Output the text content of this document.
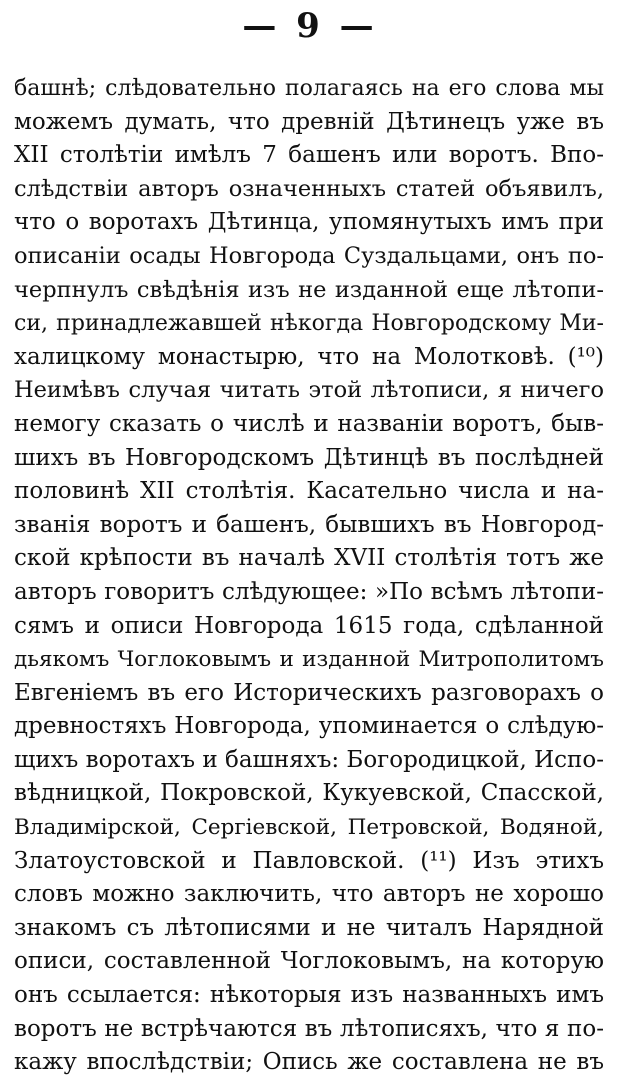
— 9 —
башнѣ; слѣдовательно полагаясь на его слова мы
можемъ думать, что древній Дѣтинецъ уже въ
XII столѣтіи имѣлъ 7 башенъ или воротъ. Впо-
слѣдствіи авторъ означенныхъ статей объявилъ,
что о воротахъ Дѣтинца, упомянутыхъ имъ при
описаніи осады Новгорода Суздальцами, онъ по-
черпнулъ свѣдѣнія изъ не изданной еще лѣтопи-
си, принадлежавшей нѣкогда Новгородскому Ми-
халицкому монастырю, что на Молотковѣ. (¹⁰)
Неимѣвъ случая читать этой лѣтописи, я ничего
немогу сказать о числѣ и названіи воротъ, быв-
шихъ въ Новгородскомъ Дѣтинцѣ въ послѣдней
половинѣ XII столѣтія. Касательно числа и на-
званія воротъ и башенъ, бывшихъ въ Новгород-
ской крѣпости въ началѣ XVII столѣтія тотъ же
авторъ говоритъ слѣдующее: »По всѣмъ лѣтопи-
сямъ и описи Новгорода 1615 года, сдѣланной
дьякомъ Чоглоковымъ и изданной Митрополитомъ
Евгеніемъ въ его Историческихъ разговорахъ о
древностяхъ Новгорода, упоминается о слѣдую-
щихъ воротахъ и башняхъ: Богородицкой, Испо-
вѣдницкой, Покровской, Кукуевской, Спасской,
Владимірской, Сергіевской, Петровской, Водяной,
Златоустовской и Павловской. (¹¹) Изъ этихъ
словъ можно заключить, что авторъ не хорошо
знакомъ съ лѣтописями и не читалъ Нарядной
описи, составленной Чоглоковымъ, на которую
онъ ссылается: нѣкоторыя изъ названныхъ имъ
воротъ не встрѣчаются въ лѣтописяхъ, что я по-
кажу впослѣдствіи; Опись же составлена не въ
